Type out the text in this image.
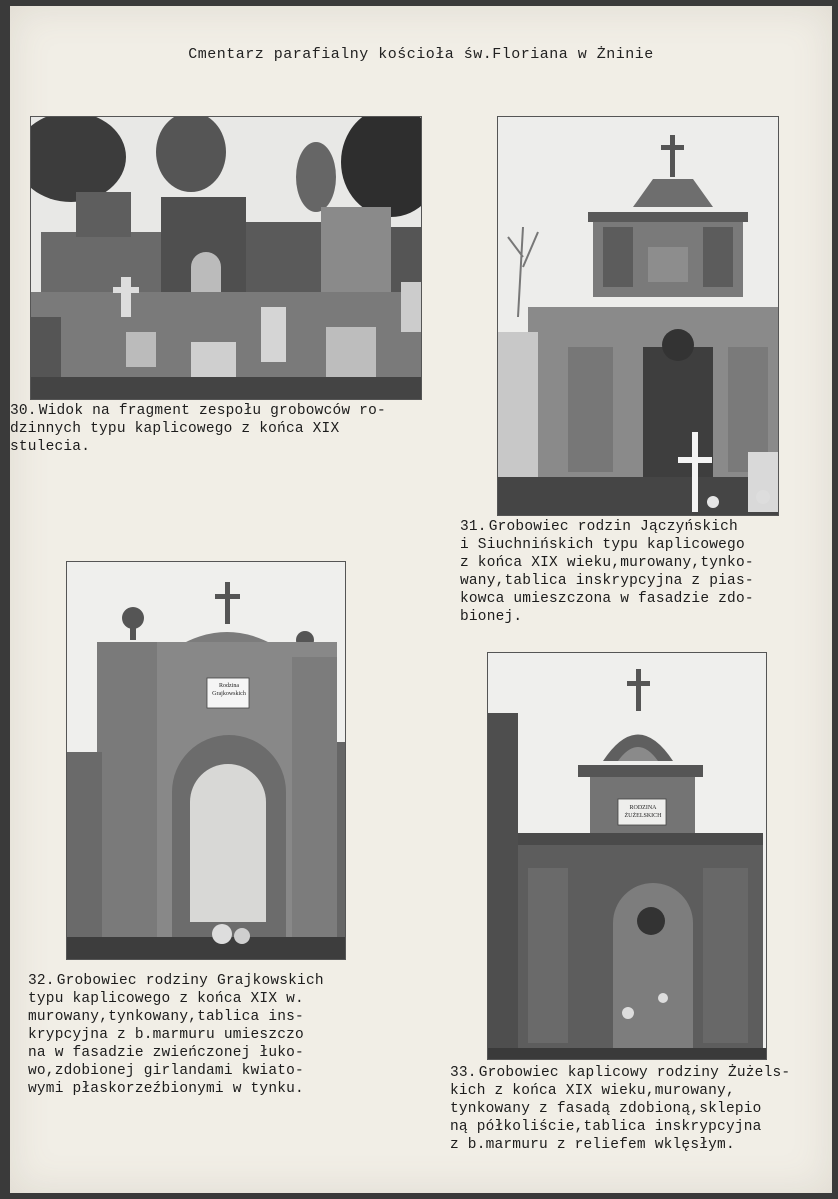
Cmentarz parafialny kościoła św.Floriana w Żninie
30. Widok na fragment zespołu grobowców ro-
dzinnych typu kaplicowego z końca XIX
stulecia.
31. Grobowiec rodzin Jączyńskich
i Siuchnińskich typu kaplicowego
z końca XIX wieku,murowany,tynko-
wany,tablica inskrypcyjna z pias-
kowca umieszczona w fasadzie zdo-
bionej.
Rodzina
Grajkowskich
32. Grobowiec rodziny Grajkowskich
typu kaplicowego z końca XIX w.
murowany,tynkowany,tablica ins-
krypcyjna z b.marmuru umieszczo
na w fasadzie zwieńczonej łuko-
wo,zdobionej girlandami kwiato-
wymi płaskorzeźbionymi w tynku.
RODZINA
ŻUŻELSKICH
33. Grobowiec kaplicowy rodziny Żużels-
kich z końca XIX wieku,murowany,
tynkowany z fasadą zdobioną,sklepio
ną półkoliście,tablica inskrypcyjna
z b.marmuru z reliefem wklęsłym.
